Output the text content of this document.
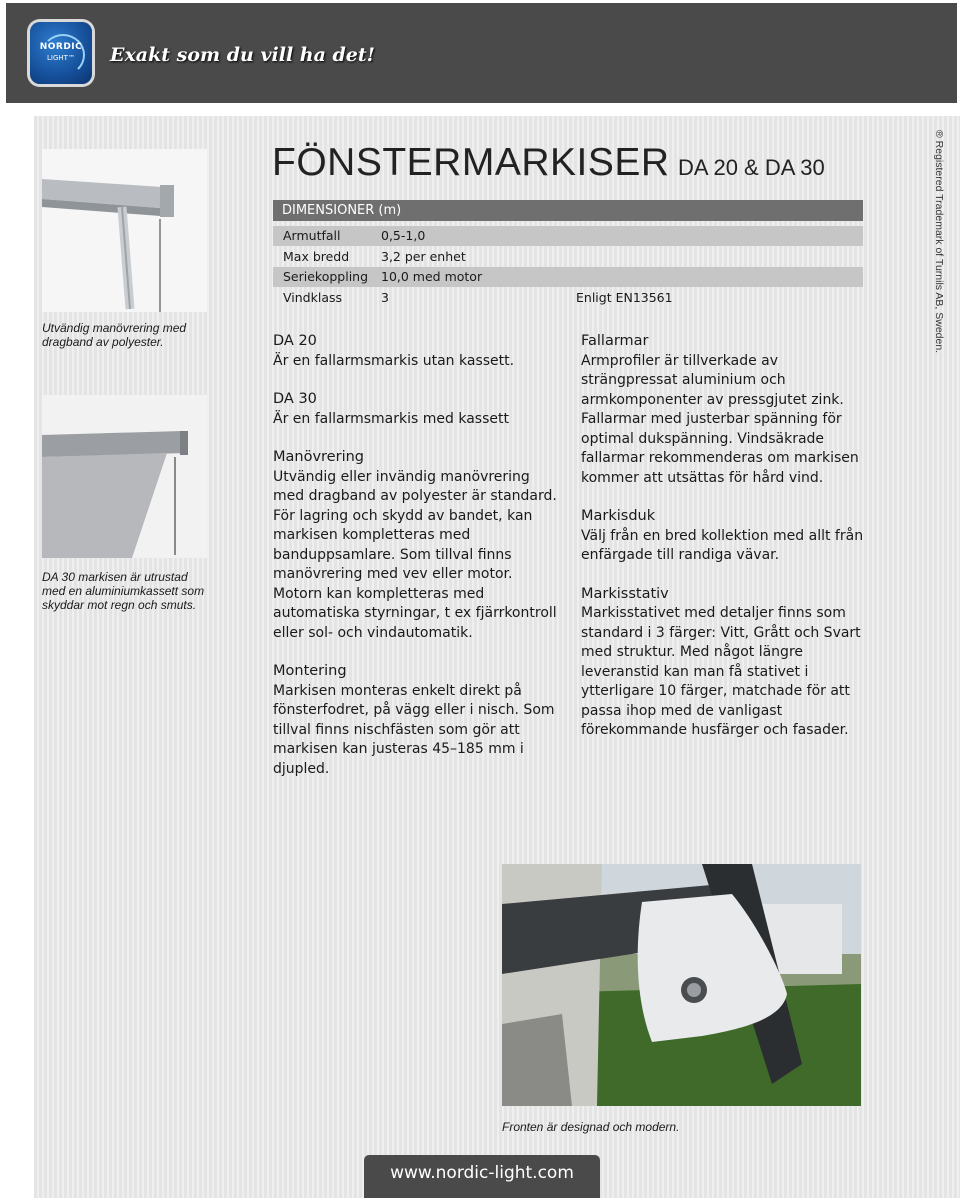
NORDIC
LIGHT™	Exakt som du vill ha det!
Utvändig manövrering med dragband av polyester.
DA 30 markisen är utrustad med en aluminiumkassett som skyddar mot regn och smuts.
FÖNSTERMARKISER DA 20 & DA 30
DIMENSIONER (m)
Armutfall	0,5-1,0
Max bredd	3,2 per enhet
Seriekoppling 10,0 med motor
Vindklass	3	Enligt EN13561
DA 20

Är en fallarmsmarkis utan kassett.

DA 30

Är en fallarmsmarkis med kassett

Manövrering

Utvändig eller invändig manövrering med dragband av polyester är standard. För lagring och skydd av bandet, kan markisen kompletteras med banduppsamlare. Som tillval finns manövrering med vev eller motor. Motorn kan kompletteras med automatiska styrningar, t ex fjärrkontroll eller sol- och vindautomatik.

Montering

Markisen monteras enkelt direkt på fönsterfodret, på vägg eller i nisch. Som tillval finns nischfästen som gör att markisen kan justeras 45–185 mm i djupled.

Fallarmar

Armprofiler är tillverkade av strängpressat aluminium och armkomponenter av pressgjutet zink. Fallarmar med justerbar spänning för optimal dukspänning. Vindsäkrade fallarmar rekommenderas om markisen kommer att utsättas för hård vind.

Markisduk

Välj från en bred kollektion med allt från enfärgade till randiga vävar.

Markisstativ

Markisstativet med detaljer finns som standard i 3 färger: Vitt, Grått och Svart med struktur. Med något längre leveranstid kan man få stativet i ytterligare 10 färger, matchade för att passa ihop med de vanligast förekommande husfärger och fasader.

Fronten är designad och modern.
www.nordic-light.com
® Registered Trademark of Turnils AB, Sweden.
